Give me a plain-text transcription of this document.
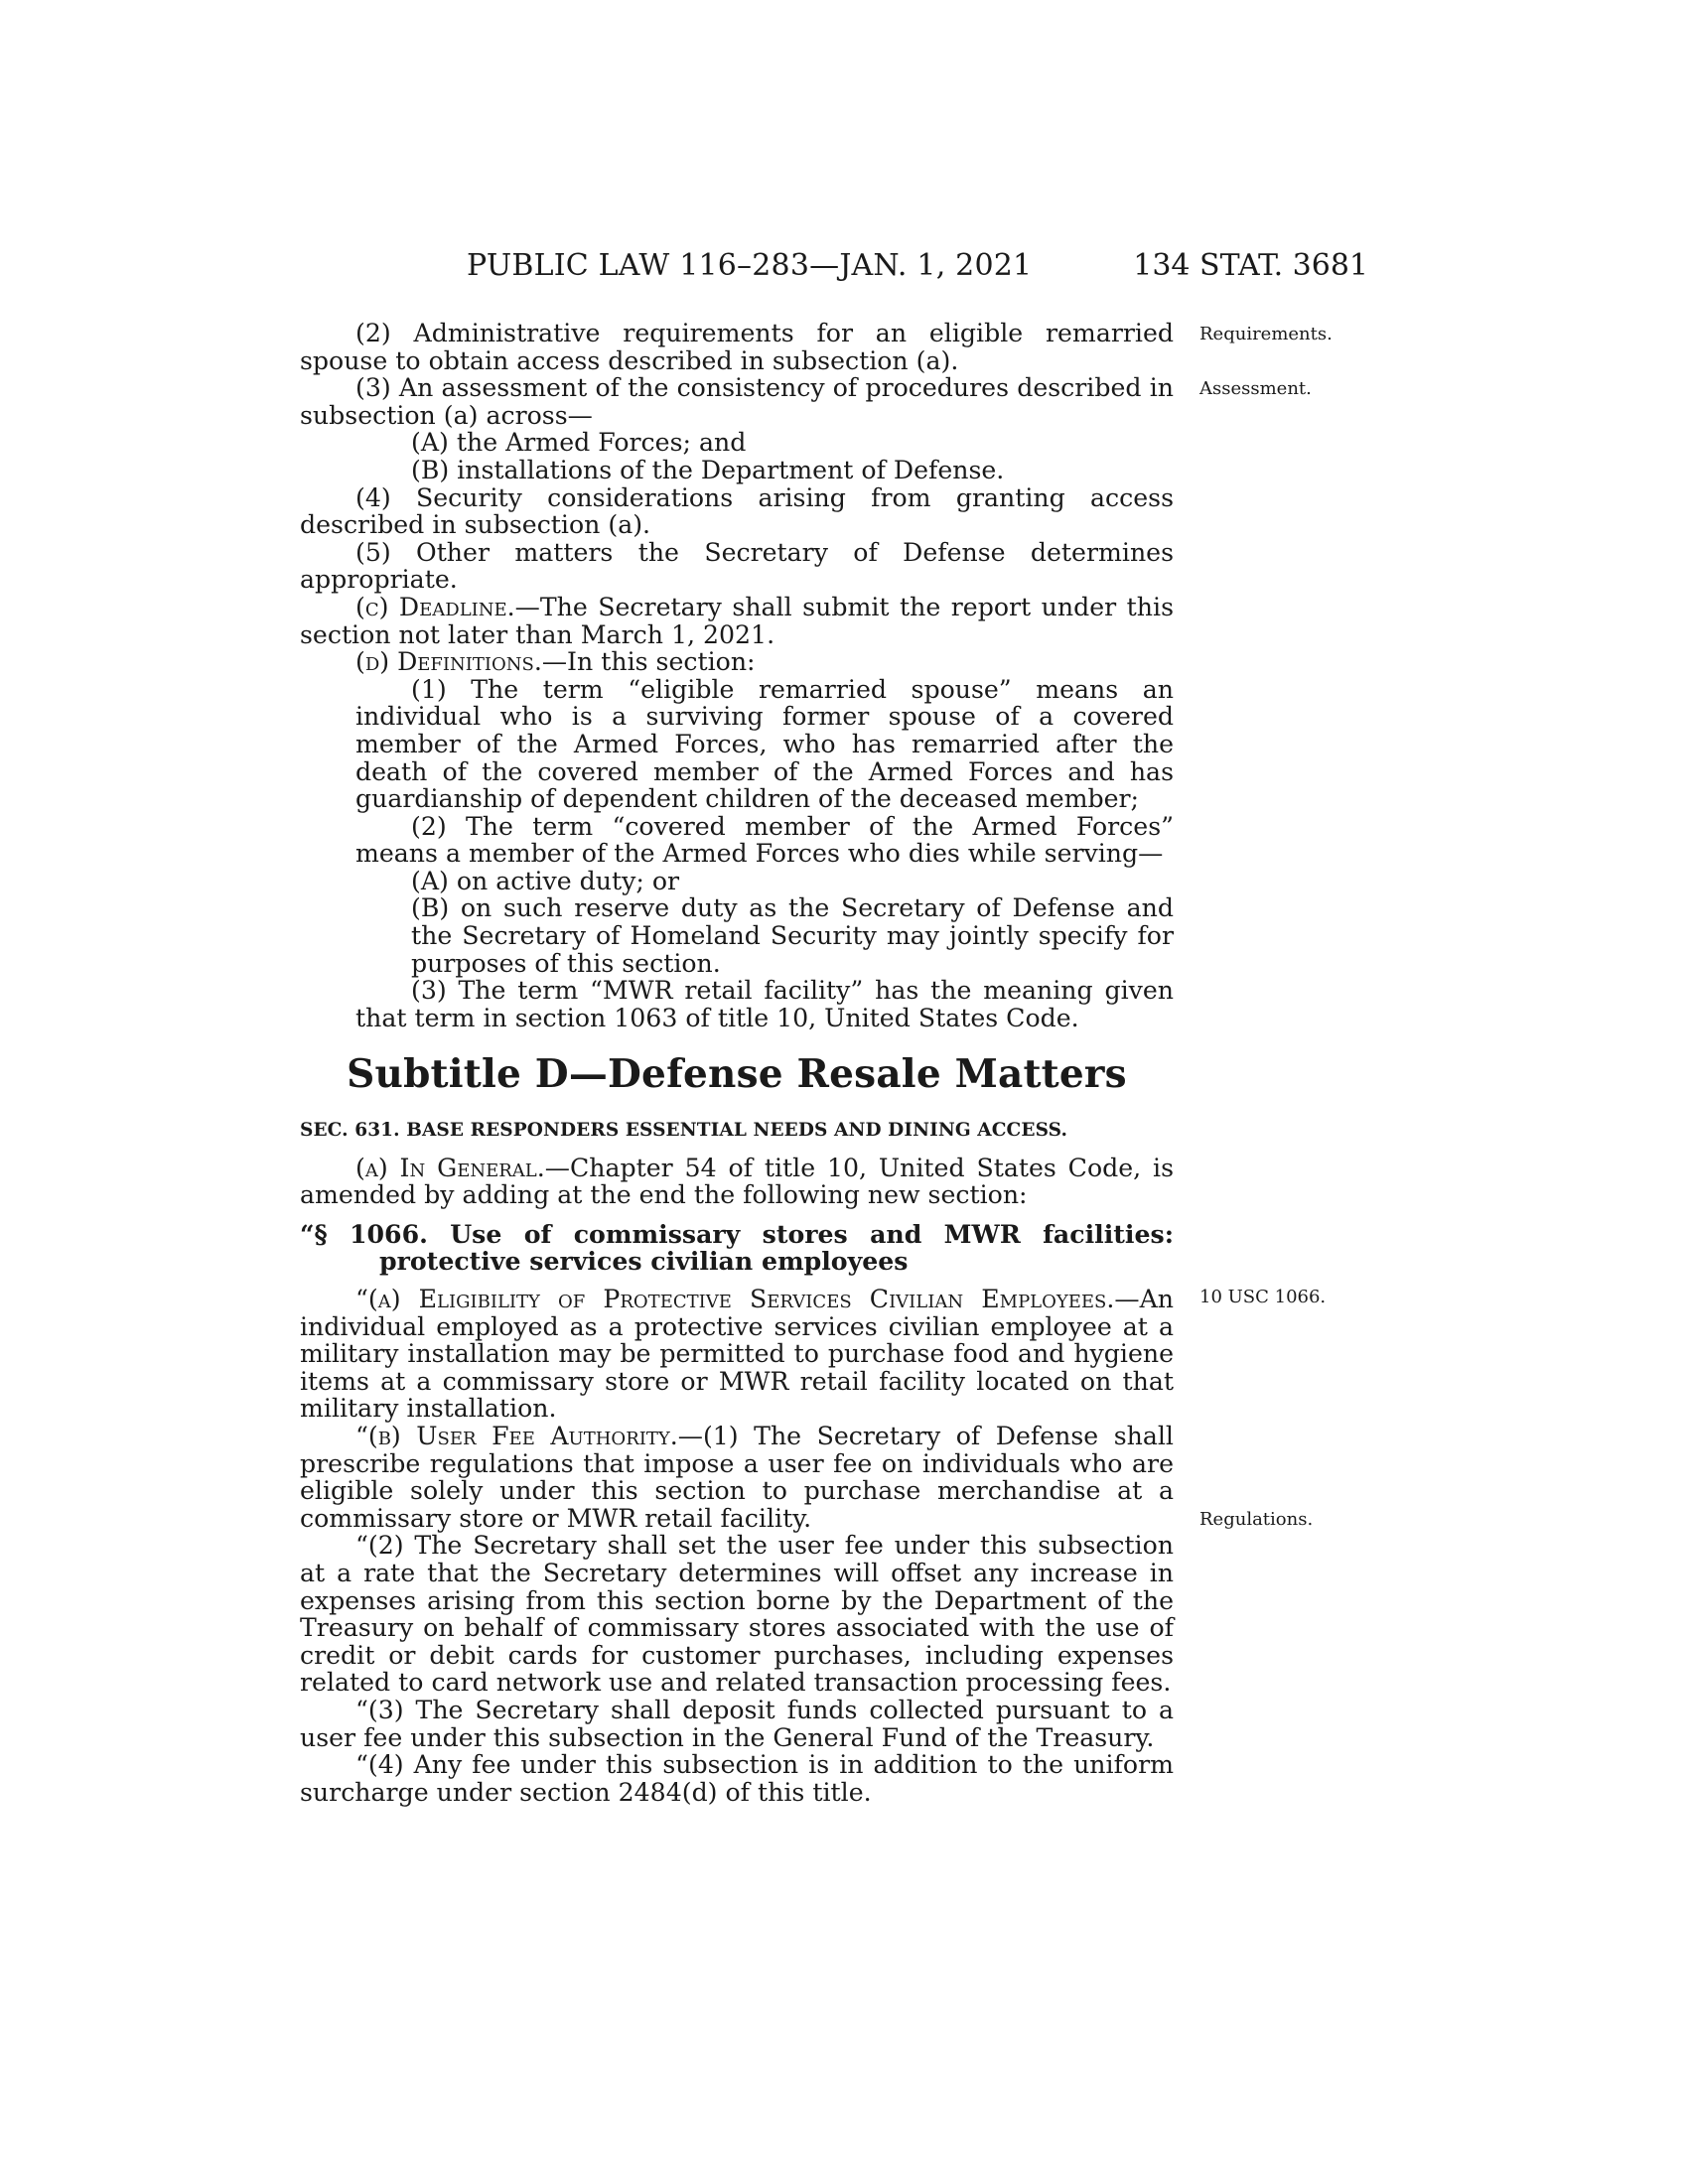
PUBLIC LAW 116–283—JAN. 1, 2021	134 STAT. 3681
Requirements.
Assessment.
10 USC 1066.
Regulations.

(2) Administrative requirements for an eligible remarried spouse to obtain access described in subsection (a).

(3) An assessment of the consistency of procedures described in subsection (a) across—

(A) the Armed Forces; and

(B) installations of the Department of Defense.

(4) Security considerations arising from granting access described in subsection (a).

(5) Other matters the Secretary of Defense determines appropriate.

(c) Deadline.—The Secretary shall submit the report under this section not later than March 1, 2021.

(d) Definitions.—In this section:

(1) The term “eligible remarried spouse” means an individual who is a surviving former spouse of a covered member of the Armed Forces, who has remarried after the death of the covered member of the Armed Forces and has guardianship of dependent children of the deceased member;

(2) The term “covered member of the Armed Forces” means a member of the Armed Forces who dies while serving—

(A) on active duty; or

(B) on such reserve duty as the Secretary of Defense and the Secretary of Homeland Security may jointly specify for purposes of this section.

(3) The term “MWR retail facility” has the meaning given that term in section 1063 of title 10, United States Code.

Subtitle D—Defense Resale Matters
SEC. 631. BASE RESPONDERS ESSENTIAL NEEDS AND DINING ACCESS.

(a) In General.—Chapter 54 of title 10, United States Code, is amended by adding at the end the following new section:

“§ 1066. Use of commissary stores and MWR facilities: protective services civilian employees

“(a) Eligibility of Protective Services Civilian Employees.—An individual employed as a protective services civilian employee at a military installation may be permitted to purchase food and hygiene items at a commissary store or MWR retail facility located on that military installation.

“(b) User Fee Authority.—(1) The Secretary of Defense shall prescribe regulations that impose a user fee on individuals who are eligible solely under this section to purchase merchandise at a commissary store or MWR retail facility.

“(2) The Secretary shall set the user fee under this subsection at a rate that the Secretary determines will offset any increase in expenses arising from this section borne by the Department of the Treasury on behalf of commissary stores associated with the use of credit or debit cards for customer purchases, including expenses related to card network use and related transaction processing fees.

“(3) The Secretary shall deposit funds collected pursuant to a user fee under this subsection in the General Fund of the Treasury.

“(4) Any fee under this subsection is in addition to the uniform surcharge under section 2484(d) of this title.
